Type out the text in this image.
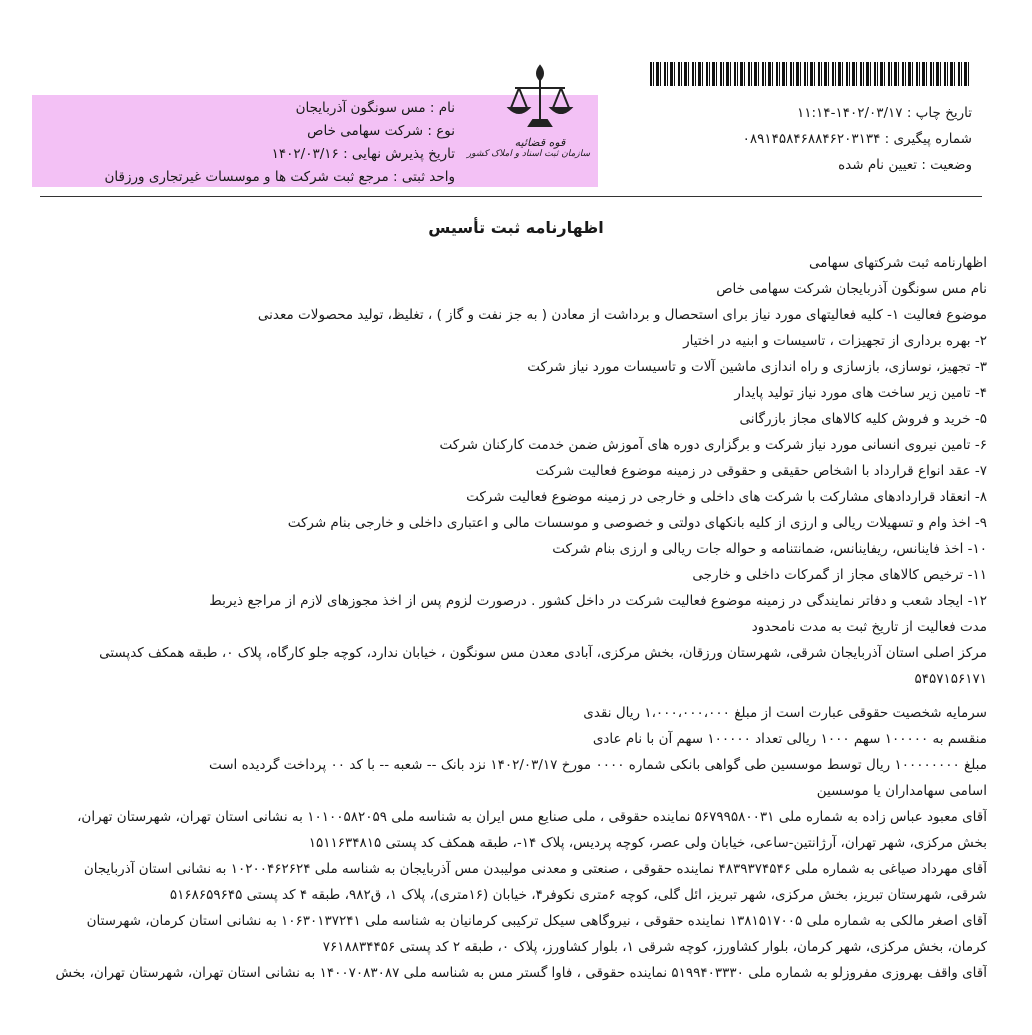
تاریخ چاپ : ۱۴۰۲/۰۳/۱۷-۱۱:۱۴
شماره پیگیری : ۰۸۹۱۴۵۸۴۶۸۸۴۶۲۰۳۱۳۴
وضعیت : تعیین نام شده
قوه قضائیه
سازمان ثبت اسناد و املاک کشور
نام : مس سونگون آذربایجان
نوع : شرکت سهامی خاص
تاریخ پذیرش نهایی : ۱۴۰۲/۰۳/۱۶
واحد ثبتی : مرجع ثبت شرکت ها و موسسات غیرتجاری ورزقان
اظهارنامه ثبت تأسیس
اظهارنامه ثبت شرکتهای سهامی
نام مس سونگون آذربایجان شرکت سهامی خاص
موضوع فعالیت ۱- کلیه فعالیتهای مورد نیاز برای استحصال و برداشت از معادن ( به جز نفت و گاز ) ، تغلیظ، تولید محصولات معدنی
۲- بهره برداری از تجهیزات ، تاسیسات و ابنیه در اختیار
۳- تجهیز، نوسازی، بازسازی و راه اندازی ماشین آلات و تاسیسات مورد نیاز شرکت
۴- تامین زیر ساخت های مورد نیاز تولید پایدار
۵- خرید و فروش کلیه کالاهای مجاز بازرگانی
۶- تامین نیروی انسانی مورد نیاز شرکت و برگزاری دوره های آموزش ضمن خدمت کارکنان شرکت
۷- عقد انواع قرارداد با اشخاص حقیقی و حقوقی در زمینه موضوع فعالیت شرکت
۸- انعقاد قراردادهای مشارکت با شرکت های داخلی و خارجی در زمینه موضوع فعالیت شرکت
۹- اخذ وام و تسهیلات ریالی و ارزی از کلیه بانکهای دولتی و خصوصی و موسسات مالی و اعتباری داخلی و خارجی بنام شرکت
۱۰- اخذ فاینانس، ریفاینانس، ضمانتنامه و حواله جات ریالی و ارزی بنام شرکت
۱۱- ترخیص کالاهای مجاز از گمرکات داخلی و خارجی
۱۲- ایجاد شعب و دفاتر نمایندگی در زمینه موضوع فعالیت شرکت در داخل کشور . درصورت لزوم پس از اخذ مجوزهای لازم از مراجع ذیربط
مدت فعالیت از تاریخ ثبت به مدت نامحدود
مرکز اصلی استان آذربایجان شرقی، شهرستان ورزقان، بخش مرکزی، آبادی معدن مس سونگون ، خیابان ندارد، کوچه جلو کارگاه، پلاک ۰، طبقه همکف کدپستی
۵۴۵۷۱۵۶۱۷۱
سرمایه شخصیت حقوقی عبارت است از مبلغ ۱،۰۰۰،۰۰۰،۰۰۰ ریال نقدی
منقسم به ۱۰۰۰۰۰ سهم ۱۰۰۰ ریالی تعداد ۱۰۰۰۰۰ سهم آن با نام عادی
مبلغ ۱۰۰۰۰۰۰۰۰ ریال توسط موسسین طی گواهی بانکی شماره ۰۰۰۰ مورخ ۱۴۰۲/۰۳/۱۷ نزد بانک -- شعبه -- با کد ۰۰ پرداخت گردیده است
اسامی سهامداران یا موسسین
آقای معبود عباس زاده به شماره ملی ۵۶۷۹۹۵۸۰۰۳۱ نماینده حقوقی ، ملی صنایع مس ایران به شناسه ملی ۱۰۱۰۰۵۸۲۰۵۹ به نشانی استان تهران، شهرستان تهران،
بخش مرکزی، شهر تهران، آرژانتین-ساعی، خیابان ولی عصر، کوچه پردیس، پلاک ۱۴-، طبقه همکف کد پستی ۱۵۱۱۶۳۴۸۱۵
آقای مهرداد صیاغی به شماره ملی ۴۸۳۹۳۷۴۵۴۶ نماینده حقوقی ، صنعتی و معدنی مولیبدن مس آذربایجان به شناسه ملی ۱۰۲۰۰۴۶۲۶۲۴ به نشانی استان آذربایجان
شرقی، شهرستان تبریز، بخش مرکزی، شهر تبریز، ائل گلی، کوچه ۶متری نکوفر۴، خیابان (۱۶متری)، پلاک ۱، ق۹۸۲، طبقه ۴ کد پستی ۵۱۶۸۶۵۹۶۴۵
آقای اصغر مالکی به شماره ملی ۱۳۸۱۵۱۷۰۰۵ نماینده حقوقی ، نیروگاهی سیکل ترکیبی کرمانیان به شناسه ملی ۱۰۶۳۰۱۳۷۲۴۱ به نشانی استان کرمان، شهرستان
کرمان، بخش مرکزی، شهر کرمان، بلوار کشاورز، کوچه شرقی ۱، بلوار کشاورز، پلاک ۰، طبقه ۲ کد پستی ۷۶۱۸۸۳۴۴۵۶
آقای واقف بهروزی مفروزلو به شماره ملی ۵۱۹۹۴۰۳۳۳۰ نماینده حقوقی ، فاوا گستر مس به شناسه ملی ۱۴۰۰۷۰۸۳۰۸۷ به نشانی استان تهران، شهرستان تهران، بخش
